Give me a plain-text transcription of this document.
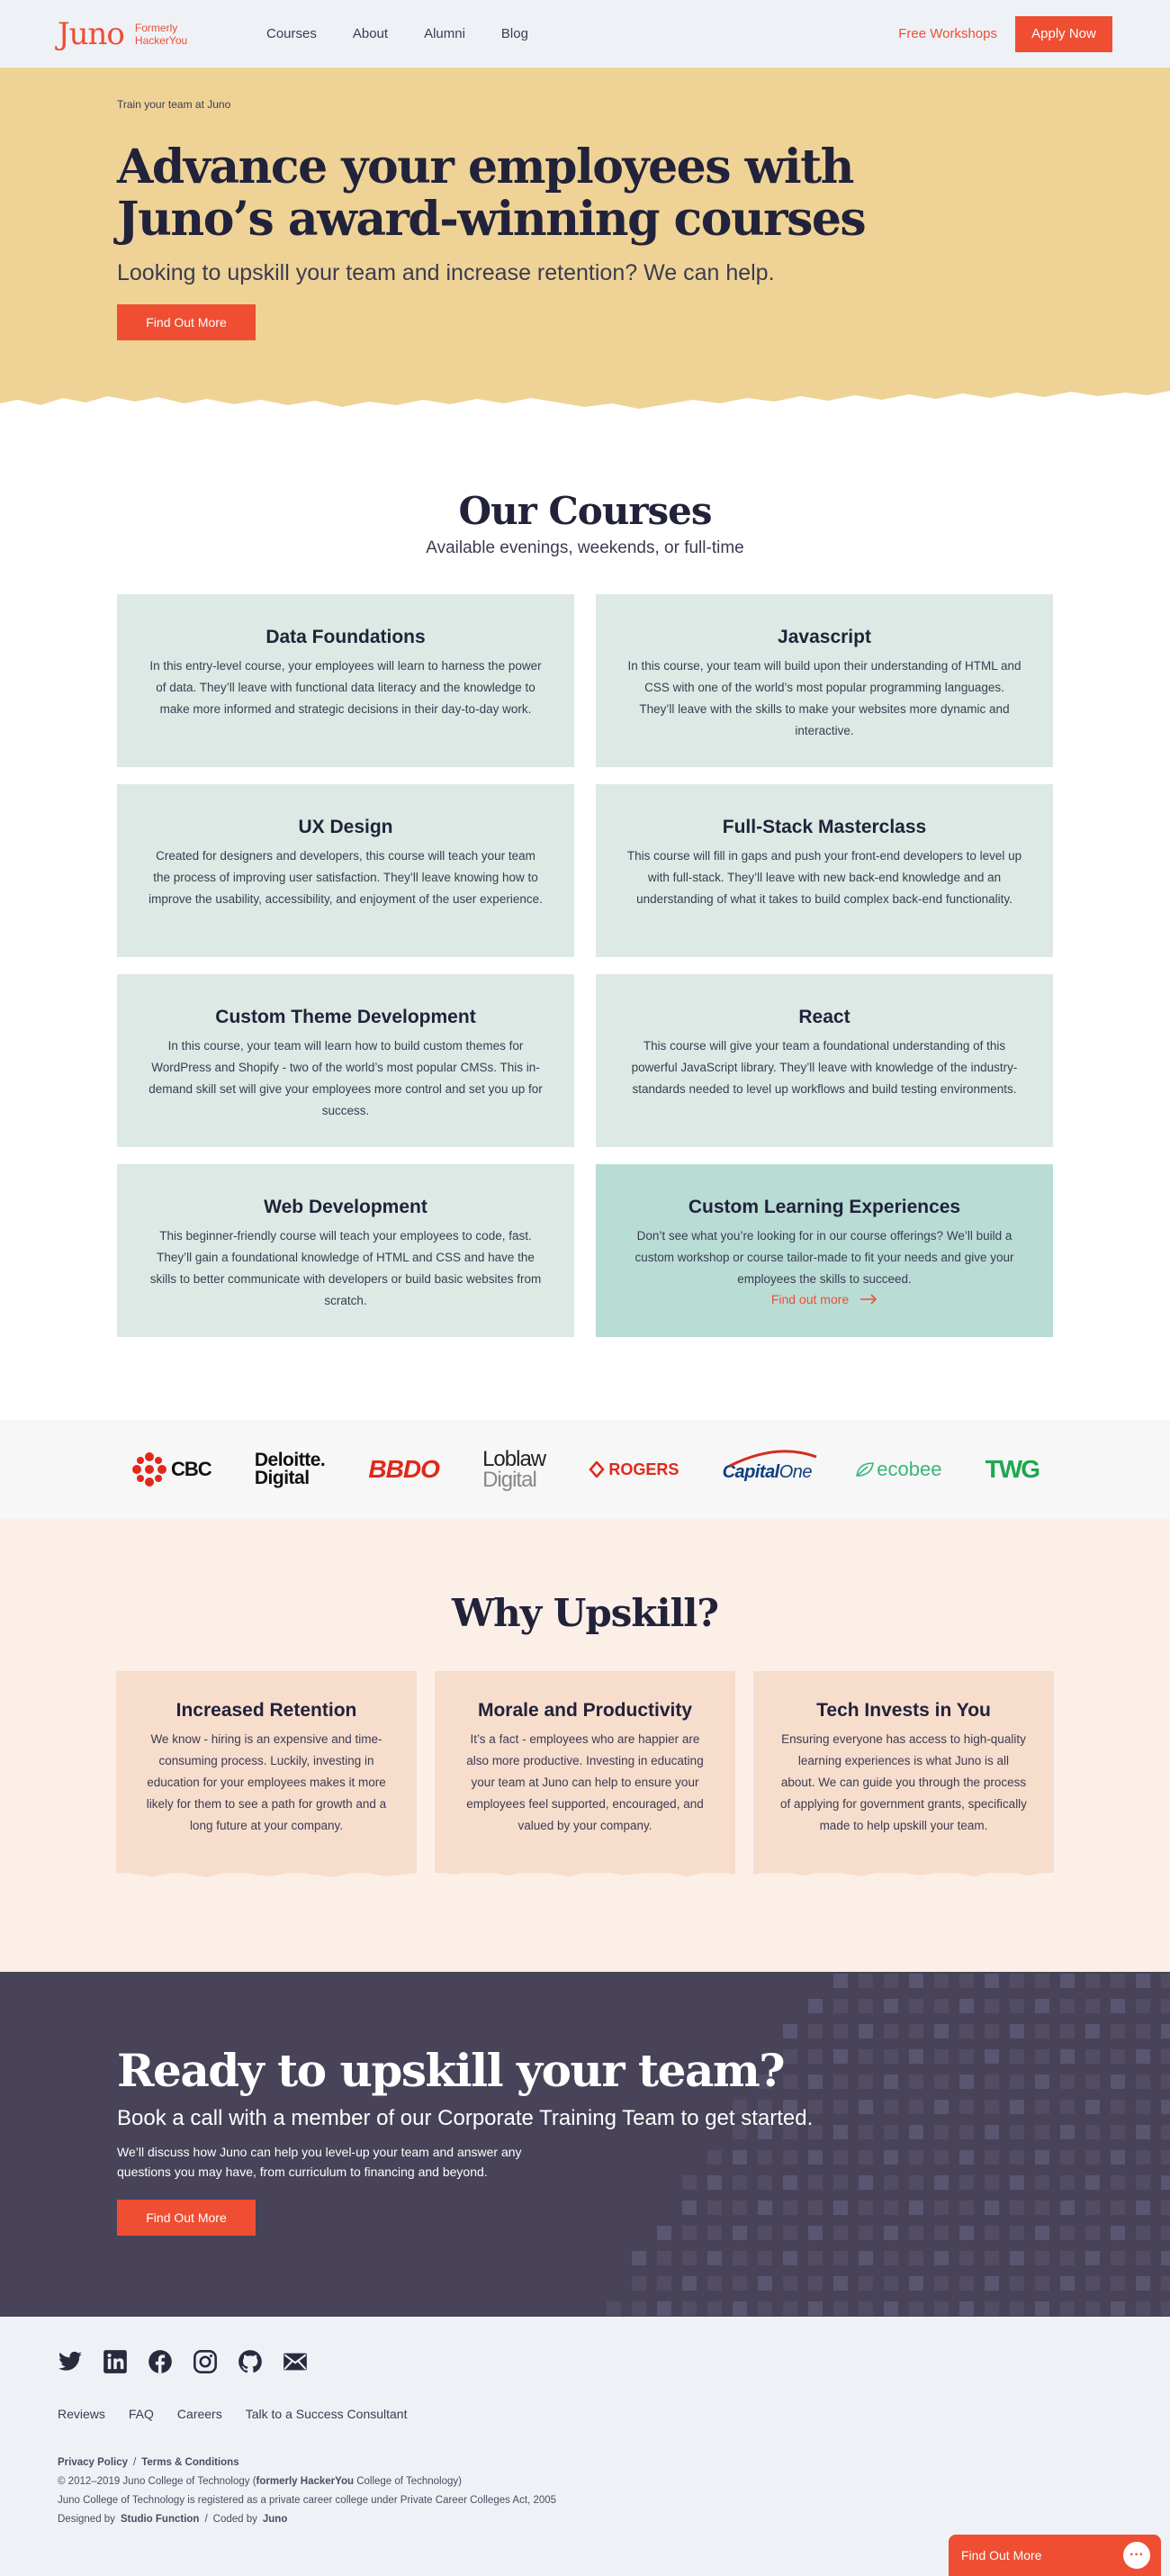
Juno Formerly HackerYou	Courses	About	Alumni	Blog	Free Workshops	Apply Now
Train your team at Juno
Advance your employees with Juno’s award-winning courses

Looking to upskill your team and increase retention? We can help.

Find Out More
Our Courses

Available evenings, weekends, or full-time

Data Foundations

In this entry-level course, your employees will learn to harness the power of data. They’ll leave with functional data literacy and the knowledge to make more informed and strategic decisions in their day-to-day work.

Javascript

In this course, your team will build upon their understanding of HTML and CSS with one of the world’s most popular programming languages. They’ll leave with the skills to make your websites more dynamic and interactive.

UX Design

Created for designers and developers, this course will teach your team the process of improving user satisfaction. They’ll leave knowing how to improve the usability, accessibility, and enjoyment of the user experience.

Full-Stack Masterclass

This course will fill in gaps and push your front-end developers to level up with full-stack. They’ll leave with new back-end knowledge and an understanding of what it takes to build complex back-end functionality.

Custom Theme Development

In this course, your team will learn how to build custom themes for WordPress and Shopify - two of the world’s most popular CMSs. This in-demand skill set will give your employees more control and set you up for success.

React

This course will give your team a foundational understanding of this powerful JavaScript library. They’ll leave with knowledge of the industry-standards needed to level up workflows and build testing environments.

Web Development

This beginner-friendly course will teach your employees to code, fast. They’ll gain a foundational knowledge of HTML and CSS and have the skills to better communicate with developers or build basic websites from scratch.

Custom Learning Experiences

Don’t see what you’re looking for in our course offerings? We’ll build a custom workshop or course tailor-made to fit your needs and give your employees the skills to succeed.

Find out more
CBC Deloitte.
Digital BBDO Loblaw
Digital	ROGERS Capital One	ecobee TWG
Why Upskill?
Increased Retention

We know - hiring is an expensive and time-consuming process. Luckily, investing in education for your employees makes it more likely for them to see a path for growth and a long future at your company.

Morale and Productivity

It’s a fact - employees who are happier are also more productive. Investing in educating your team at Juno can help to ensure your employees feel supported, encouraged, and valued by your company.

Tech Invests in You

Ensuring everyone has access to high-quality learning experiences is what Juno is all about. We can guide you through the process of applying for government grants, specifically made to help upskill your team.

Ready to upskill your team?

Book a call with a member of our Corporate Training Team to get started.

We’ll discuss how Juno can help you level-up your team and answer any questions you may have, from curriculum to financing and beyond.

Find Out More
Reviews FAQ Careers Talk to a Success Consultant
Privacy Policy / Terms & Conditions
© 2012–2019 Juno College of Technology (formerly HackerYou College of Technology)
Juno College of Technology is registered as a private career college under Private Career Colleges Act, 2005
Designed by Studio Function / Coded by Juno
Find Out More	···
